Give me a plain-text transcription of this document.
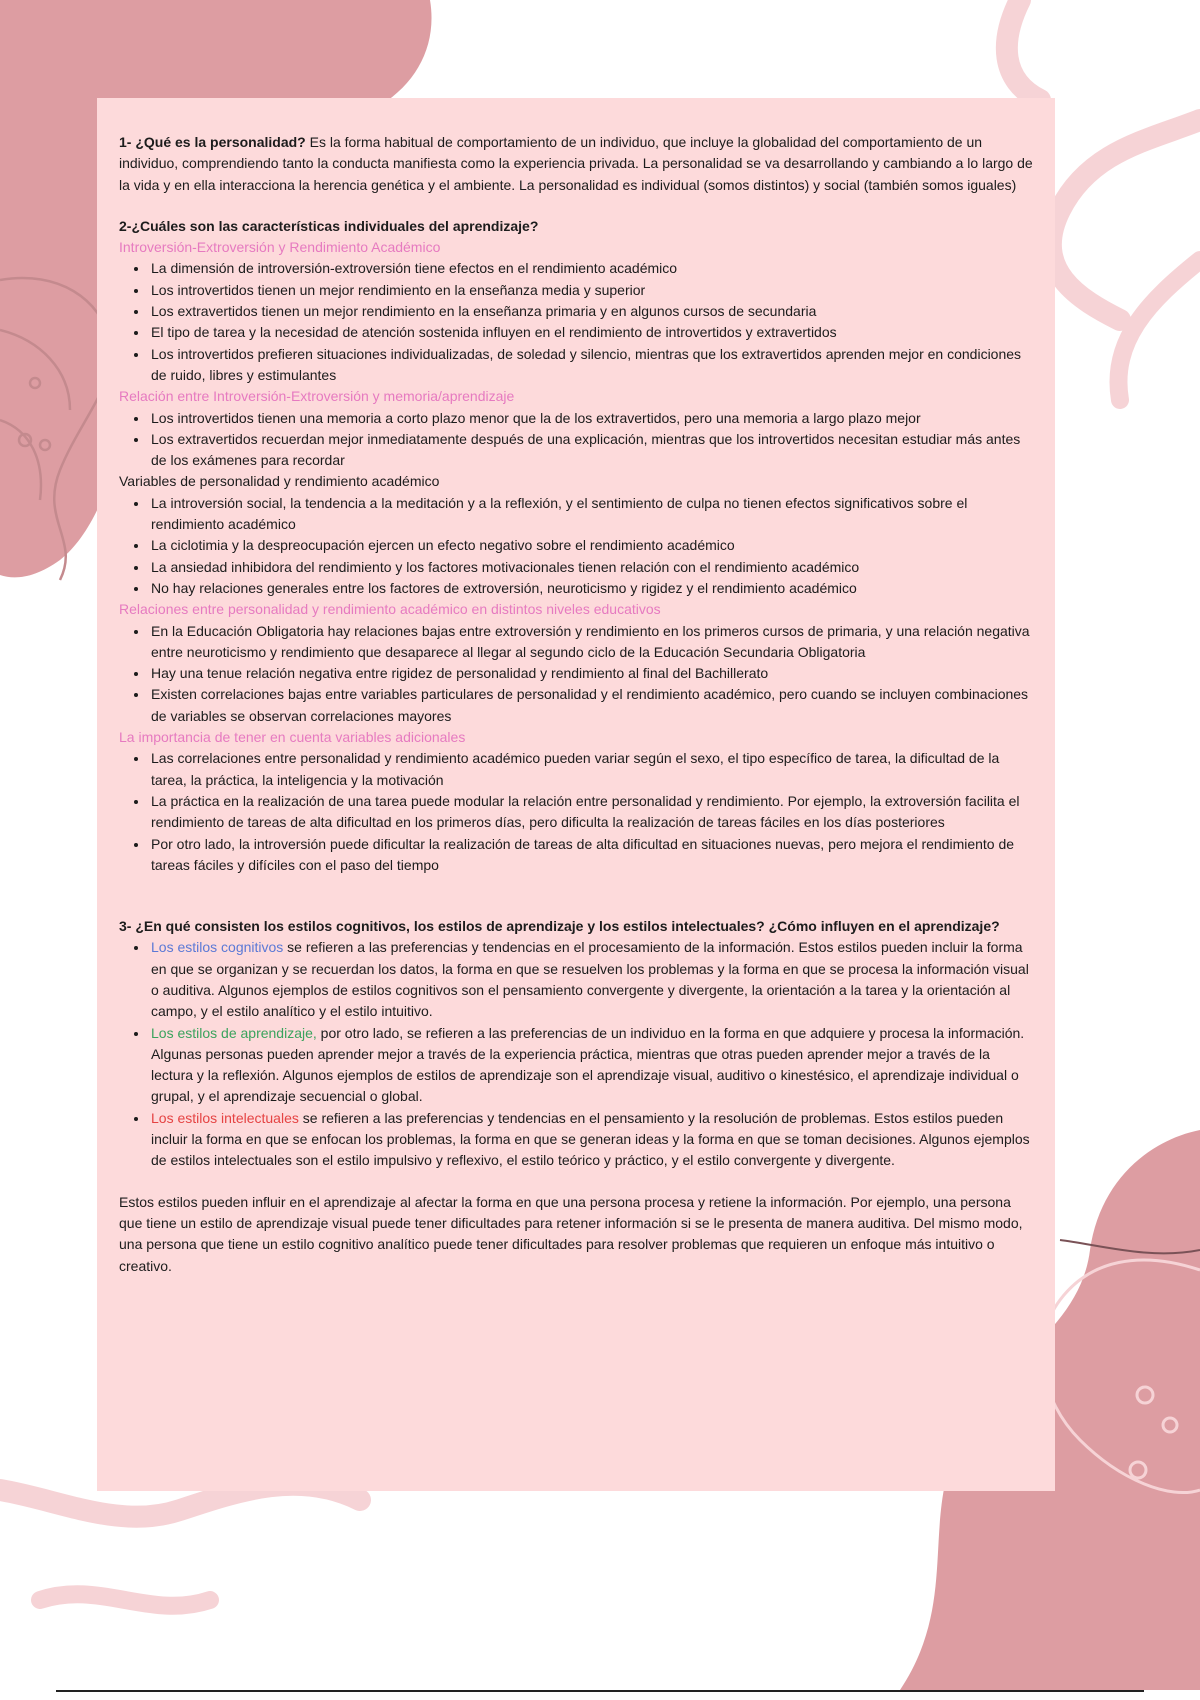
1- ¿Qué es la personalidad? Es la forma habitual de comportamiento de un individuo, que incluye la globalidad del comportamiento de un individuo, comprendiendo tanto la conducta manifiesta como la experiencia privada. La personalidad se va desarrollando y cambiando a lo largo de la vida y en ella interacciona la herencia genética y el ambiente. La personalidad es individual (somos distintos) y social (también somos iguales)

2-¿Cuáles son las características individuales del aprendizaje?

Introversión-Extroversión y Rendimiento Académico

• La dimensión de introversión-extroversión tiene efectos en el rendimiento académico
• Los introvertidos tienen un mejor rendimiento en la enseñanza media y superior
• Los extravertidos tienen un mejor rendimiento en la enseñanza primaria y en algunos cursos de secundaria
• El tipo de tarea y la necesidad de atención sostenida influyen en el rendimiento de introvertidos y extravertidos
• Los introvertidos prefieren situaciones individualizadas, de soledad y silencio, mientras que los extravertidos aprenden mejor en condiciones de ruido, libres y estimulantes

Relación entre Introversión-Extroversión y memoria/aprendizaje

• Los introvertidos tienen una memoria a corto plazo menor que la de los extravertidos, pero una memoria a largo plazo mejor
• Los extravertidos recuerdan mejor inmediatamente después de una explicación, mientras que los introvertidos necesitan estudiar más antes de los exámenes para recordar

Variables de personalidad y rendimiento académico

• La introversión social, la tendencia a la meditación y a la reflexión, y el sentimiento de culpa no tienen efectos significativos sobre el rendimiento académico
• La ciclotimia y la despreocupación ejercen un efecto negativo sobre el rendimiento académico
• La ansiedad inhibidora del rendimiento y los factores motivacionales tienen relación con el rendimiento académico
• No hay relaciones generales entre los factores de extroversión, neuroticismo y rigidez y el rendimiento académico

Relaciones entre personalidad y rendimiento académico en distintos niveles educativos

• En la Educación Obligatoria hay relaciones bajas entre extroversión y rendimiento en los primeros cursos de primaria, y una relación negativa entre neuroticismo y rendimiento que desaparece al llegar al segundo ciclo de la Educación Secundaria Obligatoria
• Hay una tenue relación negativa entre rigidez de personalidad y rendimiento al final del Bachillerato
• Existen correlaciones bajas entre variables particulares de personalidad y el rendimiento académico, pero cuando se incluyen combinaciones de variables se observan correlaciones mayores

La importancia de tener en cuenta variables adicionales

• Las correlaciones entre personalidad y rendimiento académico pueden variar según el sexo, el tipo específico de tarea, la dificultad de la tarea, la práctica, la inteligencia y la motivación
• La práctica en la realización de una tarea puede modular la relación entre personalidad y rendimiento. Por ejemplo, la extroversión facilita el rendimiento de tareas de alta dificultad en los primeros días, pero dificulta la realización de tareas fáciles en los días posteriores
• Por otro lado, la introversión puede dificultar la realización de tareas de alta dificultad en situaciones nuevas, pero mejora el rendimiento de tareas fáciles y difíciles con el paso del tiempo

3- ¿En qué consisten los estilos cognitivos, los estilos de aprendizaje y los estilos intelectuales? ¿Cómo influyen en el aprendizaje?

• Los estilos cognitivos se refieren a las preferencias y tendencias en el procesamiento de la información. Estos estilos pueden incluir la forma en que se organizan y se recuerdan los datos, la forma en que se resuelven los problemas y la forma en que se procesa la información visual o auditiva. Algunos ejemplos de estilos cognitivos son el pensamiento convergente y divergente, la orientación a la tarea y la orientación al campo, y el estilo analítico y el estilo intuitivo.
• Los estilos de aprendizaje, por otro lado, se refieren a las preferencias de un individuo en la forma en que adquiere y procesa la información. Algunas personas pueden aprender mejor a través de la experiencia práctica, mientras que otras pueden aprender mejor a través de la lectura y la reflexión. Algunos ejemplos de estilos de aprendizaje son el aprendizaje visual, auditivo o kinestésico, el aprendizaje individual o grupal, y el aprendizaje secuencial o global.
• Los estilos intelectuales se refieren a las preferencias y tendencias en el pensamiento y la resolución de problemas. Estos estilos pueden incluir la forma en que se enfocan los problemas, la forma en que se generan ideas y la forma en que se toman decisiones. Algunos ejemplos de estilos intelectuales son el estilo impulsivo y reflexivo, el estilo teórico y práctico, y el estilo convergente y divergente.

Estos estilos pueden influir en el aprendizaje al afectar la forma en que una persona procesa y retiene la información. Por ejemplo, una persona que tiene un estilo de aprendizaje visual puede tener dificultades para retener información si se le presenta de manera auditiva. Del mismo modo, una persona que tiene un estilo cognitivo analítico puede tener dificultades para resolver problemas que requieren un enfoque más intuitivo o creativo.
